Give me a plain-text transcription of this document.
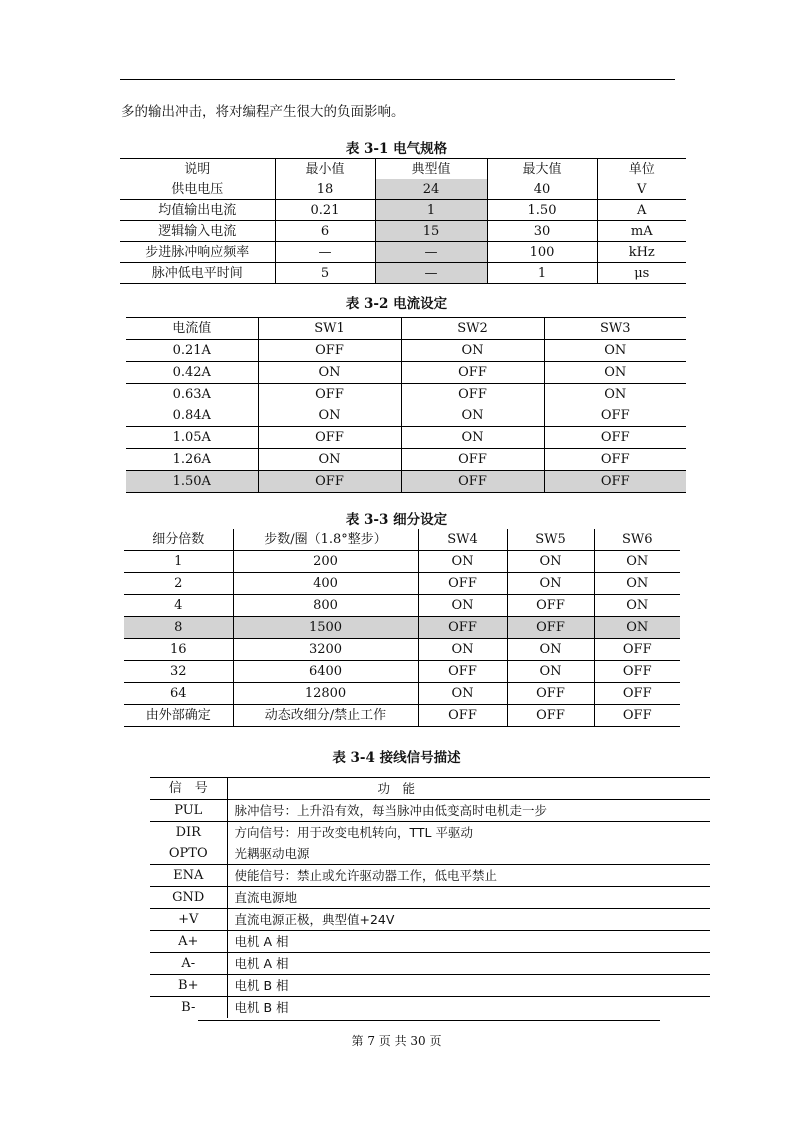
多的输出冲击，将对编程产生很大的负面影响。
表 3-1 电气规格
说明	最小值	典型值	最大值	单位
供电电压	18	24	40	V
均值输出电流	0.21	1	1.50	A
逻辑输入电流	6	15	30	mA
步进脉冲响应频率	—	—	100	kHz
脉冲低电平时间	5	—	1	μs
表 3-2 电流设定
电流值	SW1	SW2	SW3
0.21A	OFF	ON	ON
0.42A	ON	OFF	ON
0.63A	OFF	OFF	ON
0.84A	ON	ON	OFF
1.05A	OFF	ON	OFF
1.26A	ON	OFF	OFF
1.50A	OFF	OFF	OFF
表 3-3 细分设定
细分倍数	步数/圈（1.8°整步）	SW4	SW5	SW6
1	200	ON	ON	ON
2	400	OFF	ON	ON
4	800	ON	OFF	ON
8	1500	OFF	OFF	ON
16	3200	ON	ON	OFF
32	6400	OFF	ON	OFF
64	12800	ON	OFF	OFF
由外部确定	动态改细分/禁止工作	OFF	OFF	OFF
表 3-4 接线信号描述
信　号	功　能
PUL	脉冲信号：上升沿有效，每当脉冲由低变高时电机走一步
DIR	方向信号：用于改变电机转向，TTL 平驱动
OPTO	光耦驱动电源
ENA	使能信号：禁止或允许驱动器工作，低电平禁止
GND	直流电源地
+V	直流电源正极，典型值+24V
A+	电机 A 相
A-	电机 A 相
B+	电机 B 相
B-	电机 B 相
第 7 页 共 30 页
